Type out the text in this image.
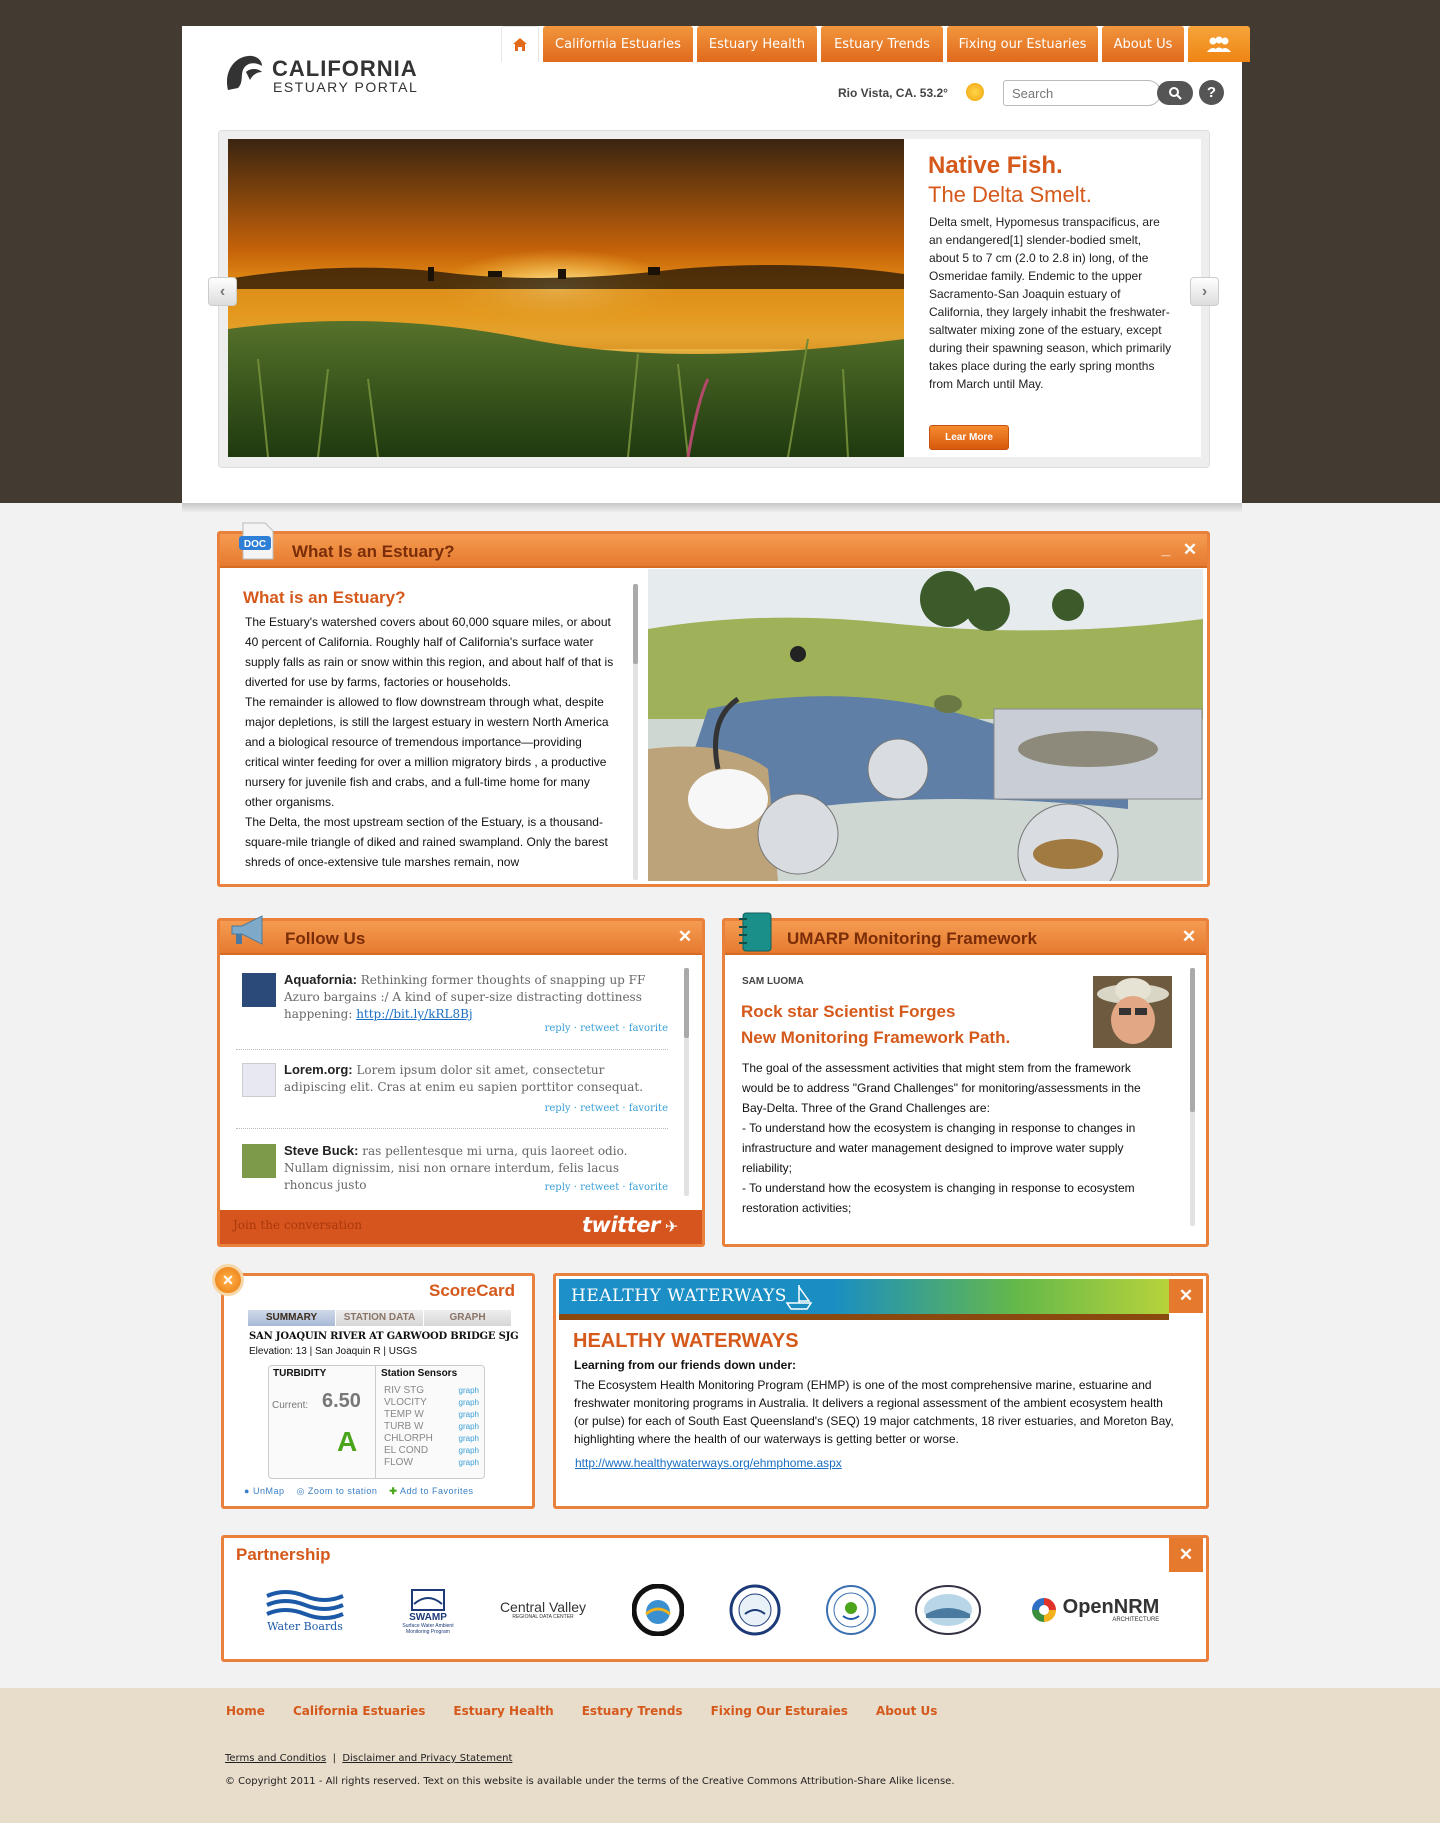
California Estuaries	Estuary Health	Estuary Trends	Fixing our Estuaries	About Us
CALIFORNIA
ESTUARY PORTAL	Rio Vista, CA. 53.2°
Search	?
Native Fish.
The Delta Smelt.
Delta smelt, Hypomesus transpacificus, are an endangered[1] slender-bodied smelt, about 5 to 7 cm (2.0 to 2.8 in) long, of the Osmeridae family. Endemic to the upper Sacramento-San Joaquin estuary of California, they largely inhabit the freshwater-saltwater mixing zone of the estuary, except during their spawning season, which primarily takes place during the early spring months from March until May.
Lear More
‹	›
What Is an Estuary?	_ ✕
DOC
What is an Estuary?

The Estuary's watershed covers about 60,000 square miles, or about 40 percent of California. Roughly half of California's surface water supply falls as rain or snow within this region, and about half of that is diverted for use by farms, factories or households.

The remainder is allowed to flow downstream through what, despite major depletions, is still the largest estuary in western North America and a biological resource of tremendous importance—providing critical winter feeding for over a million migratory birds , a productive nursery for juvenile fish and crabs, and a full-time home for many other organisms.

The Delta, the most upstream section of the Estuary, is a thousand-square-mile triangle of diked and rained swampland. Only the barest shreds of once-extensive tule marshes remain, now

Follow Us	✕
Aquafornia: Rethinking former thoughts of snapping up FF Azuro bargains :/ A kind of super-size distracting dottiness happening: http://bit.ly/kRL8Bj
reply · retweet · favorite
Lorem.org: Lorem ipsum dolor sit amet, consectetur adipiscing elit. Cras at enim eu sapien porttitor consequat.
reply · retweet · favorite
Steve Buck: ras pellentesque mi urna, quis laoreet odio. Nullam dignissim, nisi non ornare interdum, felis lacus rhoncus justo	reply · retweet · favorite
Join the conversation	twitter ✈
UMARP Monitoring Framework	✕
SAM LUOMA
Rock star Scientist Forges
New Monitoring Framework Path.

The goal of the assessment activities that might stem from the framework would be to address "Grand Challenges" for monitoring/assessments in the Bay-Delta. Three of the Grand Challenges are:

- To understand how the ecosystem is changing in response to changes in infrastructure and water management designed to improve water supply reliability;

- To understand how the ecosystem is changing in response to ecosystem restoration activities;

✕
ScoreCard
SUMMARY	STATION DATA	GRAPH
SAN JOAQUIN RIVER AT GARWOOD BRIDGE SJG
Elevation: 13 | San Joaquin R | USGS
TURBIDITY	Station Sensors
Current: 6.50
A
RIV STG	graph
VLOCITY	graph
TEMP W	graph
TURB W	graph
CHLORPH	graph
EL COND	graph
FLOW	graph
● UnMap ◎ Zoom to station ✚ Add to Favorites
HEALTHY WATERWAYS	✕
HEALTHY WATERWAYS
Learning from our friends down under:
The Ecosystem Health Monitoring Program (EHMP) is one of the most comprehensive marine, estuarine and freshwater monitoring programs in Australia. It delivers a regional assessment of the ambient ecosystem health (or pulse) for each of South East Queensland's (SEQ) 19 major catchments, 18 river estuaries, and Moreton Bay, highlighting where the health of our waterways is getting better or worse.
http://www.healthywaterways.org/ehmphome.aspx
Partnership	✕
Water Boards
SWAMP
Surface Water Ambient Monitoring Program
Central Valley
REGIONAL DATA CENTER	OpenNRM
ARCHITECTURE
Home California Estuaries Estuary Health Estuary Trends Fixing Our Esturaies About Us
Terms and Conditios  |  Disclaimer and Privacy Statement
© Copyright 2011 - All rights reserved. Text on this website is available under the terms of the Creative Commons Attribution-Share Alike license.
